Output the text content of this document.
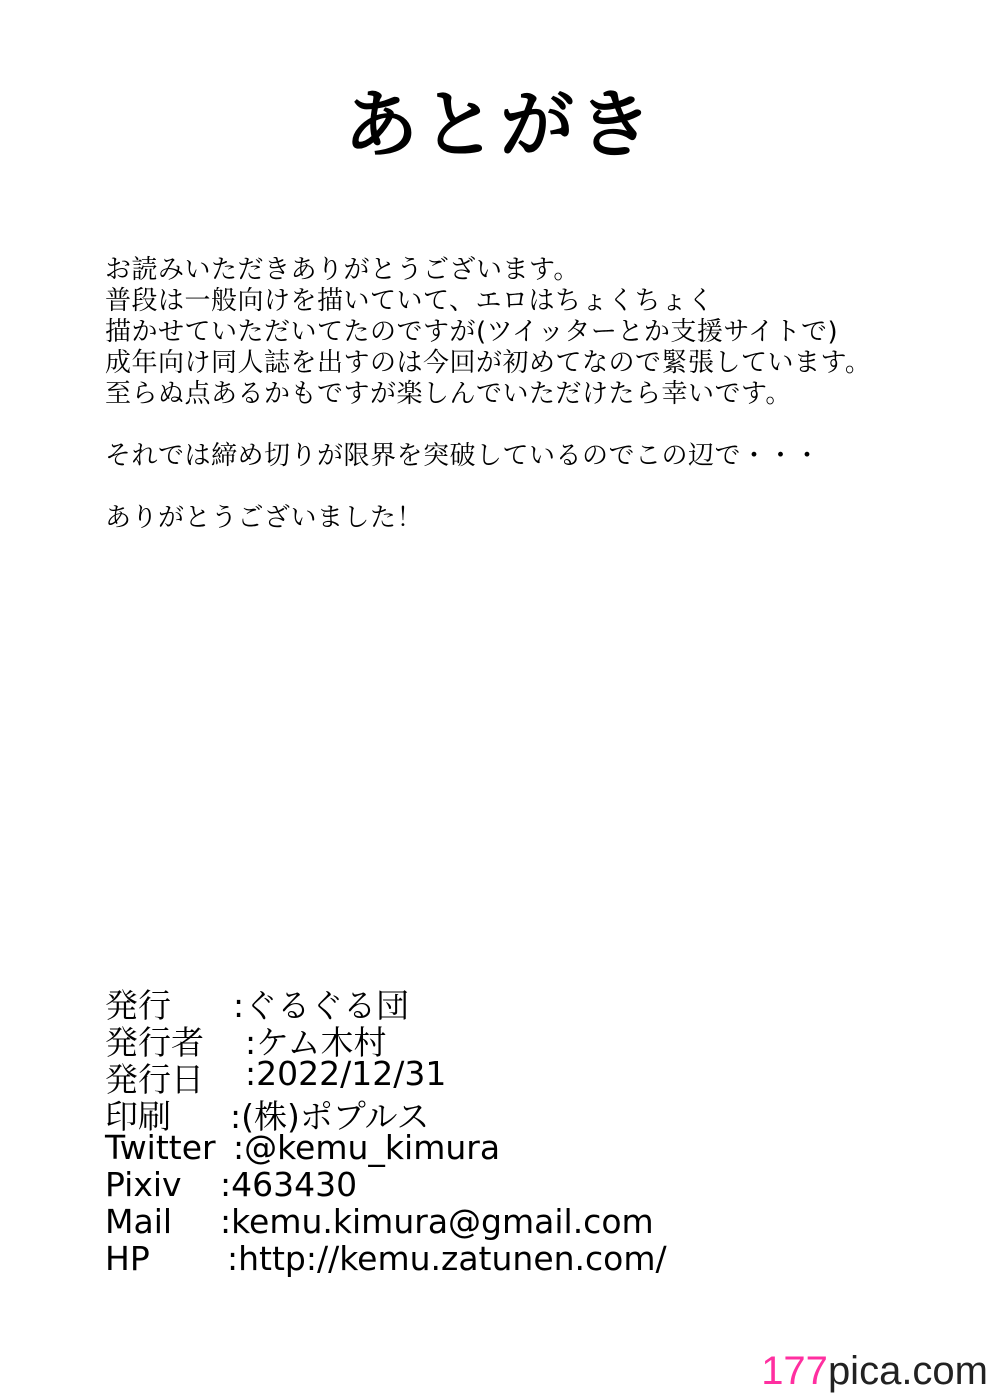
あとがき
お読みいただきありがとうございます。
普段は一般向けを描いていて、エロはちょくちょく
描かせていただいてたのですが(ツイッターとか支援サイトで)
成年向け同人誌を出すのは今回が初めてなので緊張しています。
至らぬ点あるかもですが楽しんでいただけたら幸いです。
それでは締め切りが限界を突破しているのでこの辺で・・・
ありがとうございました！
発行 :ぐるぐる団
発行者 :ケム木村
発行日 :2022/12/31
印刷 :(株)ポプルス
Twitter :@kemu_kimura
Pixiv :463430
Mail :kemu.kimura@gmail.com
HP :http://kemu.zatunen.com/
177pica.com
